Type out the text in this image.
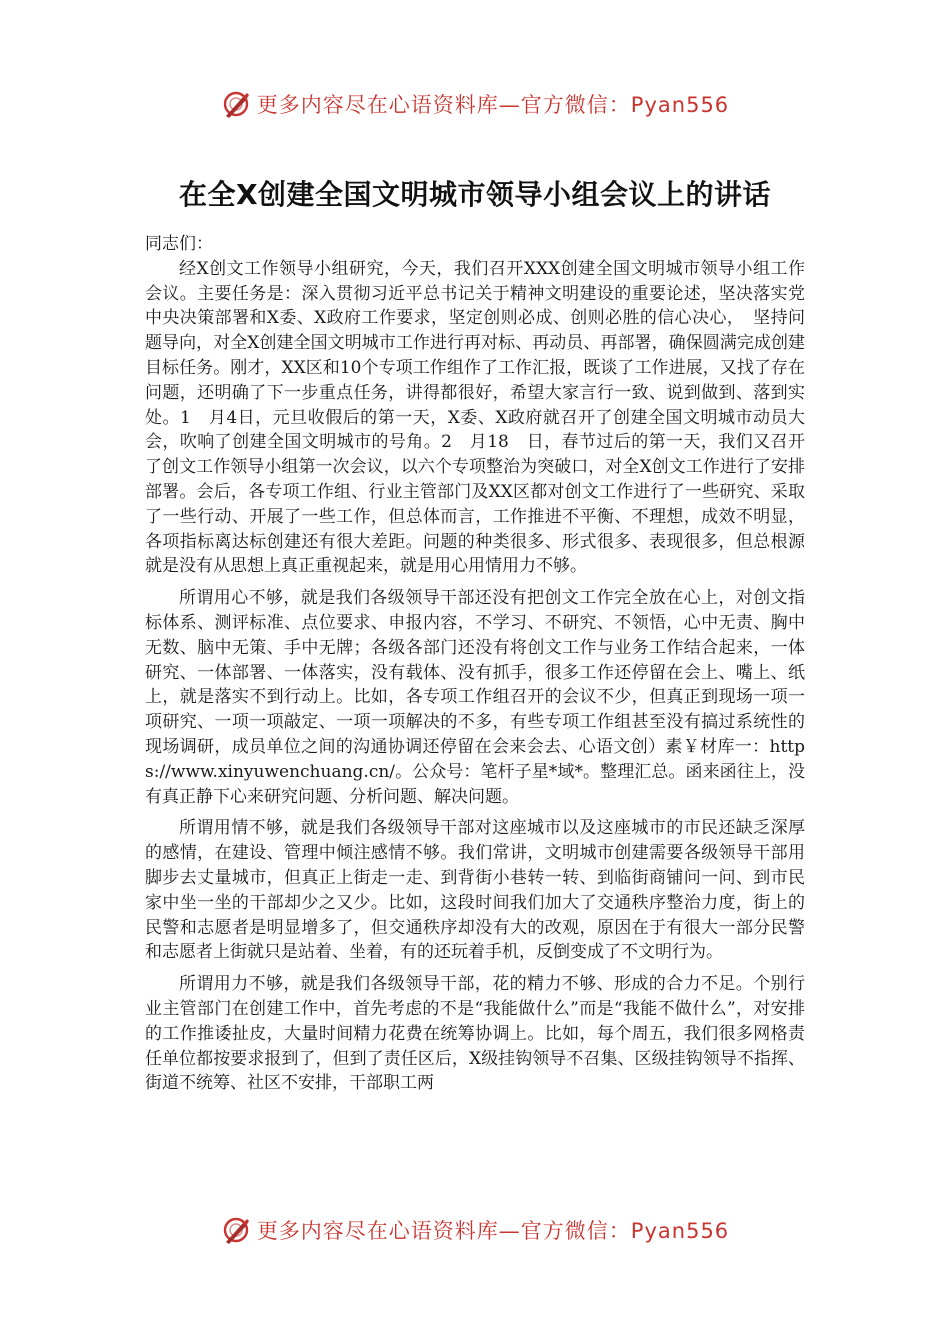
更多内容尽在心语资料库—官方微信：Pyan556
在全X创建全国文明城市领导小组会议上的讲话

同志们：

经X创文工作领导小组研究，今天，我们召开XXX创建全国文明城市领导小组工作会议。主要任务是：深入贯彻习近平总书记关于精神文明建设的重要论述，坚决落实党中央决策部署和X委、X政府工作要求，坚定创则必成、创则必胜的信心决心，　坚持问题导向，对全X创建全国文明城市工作进行再对标、再动员、再部署，确保圆满完成创建目标任务。刚才，XX区和10个专项工作组作了工作汇报，既谈了工作进展，又找了存在问题，还明确了下一步重点任务，讲得都很好，希望大家言行一致、说到做到、落到实处。1　月4日，元旦收假后的第一天，X委、X政府就召开了创建全国文明城市动员大会，吹响了创建全国文明城市的号角。2　月18　日，春节过后的第一天，我们又召开了创文工作领导小组第一次会议，以六个专项整治为突破口，对全X创文工作进行了安排部署。会后，各专项工作组、行业主管部门及XX区都对创文工作进行了一些研究、采取了一些行动、开展了一些工作，但总体而言，工作推进不平衡、不理想，成效不明显，各项指标离达标创建还有很大差距。问题的种类很多、形式很多、表现很多，但总根源就是没有从思想上真正重视起来，就是用心用情用力不够。

所谓用心不够，就是我们各级领导干部还没有把创文工作完全放在心上，对创文指标体系、测评标准、点位要求、申报内容，不学习、不研究、不领悟，心中无责、胸中无数、脑中无策、手中无牌；各级各部门还没有将创文工作与业务工作结合起来，一体研究、一体部署、一体落实，没有载体、没有抓手，很多工作还停留在会上、嘴上、纸上，就是落实不到行动上。比如，各专项工作组召开的会议不少，但真正到现场一项一项研究、一项一项敲定、一项一项解决的不多，有些专项工作组甚至没有搞过系统性的现场调研，成员单位之间的沟通协调还停留在会来会去、心语文创）素￥材库一：https://www.xinyuwenchuang.cn/。公众号：笔杆子星*域*。整理汇总。函来函往上，没有真正静下心来研究问题、分析问题、解决问题。

所谓用情不够，就是我们各级领导干部对这座城市以及这座城市的市民还缺乏深厚的感情，在建设、管理中倾注感情不够。我们常讲，文明城市创建需要各级领导干部用脚步去丈量城市，但真正上街走一走、到背街小巷转一转、到临街商铺问一问、到市民家中坐一坐的干部却少之又少。比如，这段时间我们加大了交通秩序整治力度，街上的民警和志愿者是明显增多了，但交通秩序却没有大的改观，原因在于有很大一部分民警和志愿者上街就只是站着、坐着，有的还玩着手机，反倒变成了不文明行为。

所谓用力不够，就是我们各级领导干部，花的精力不够、形成的合力不足。个别行业主管部门在创建工作中，首先考虑的不是“我能做什么”而是“我能不做什么”，对安排的工作推诿扯皮，大量时间精力花费在统筹协调上。比如，每个周五，我们很多网格责任单位都按要求报到了，但到了责任区后，X级挂钩领导不召集、区级挂钩领导不指挥、街道不统筹、社区不安排，干部职工两

更多内容尽在心语资料库—官方微信：Pyan556
